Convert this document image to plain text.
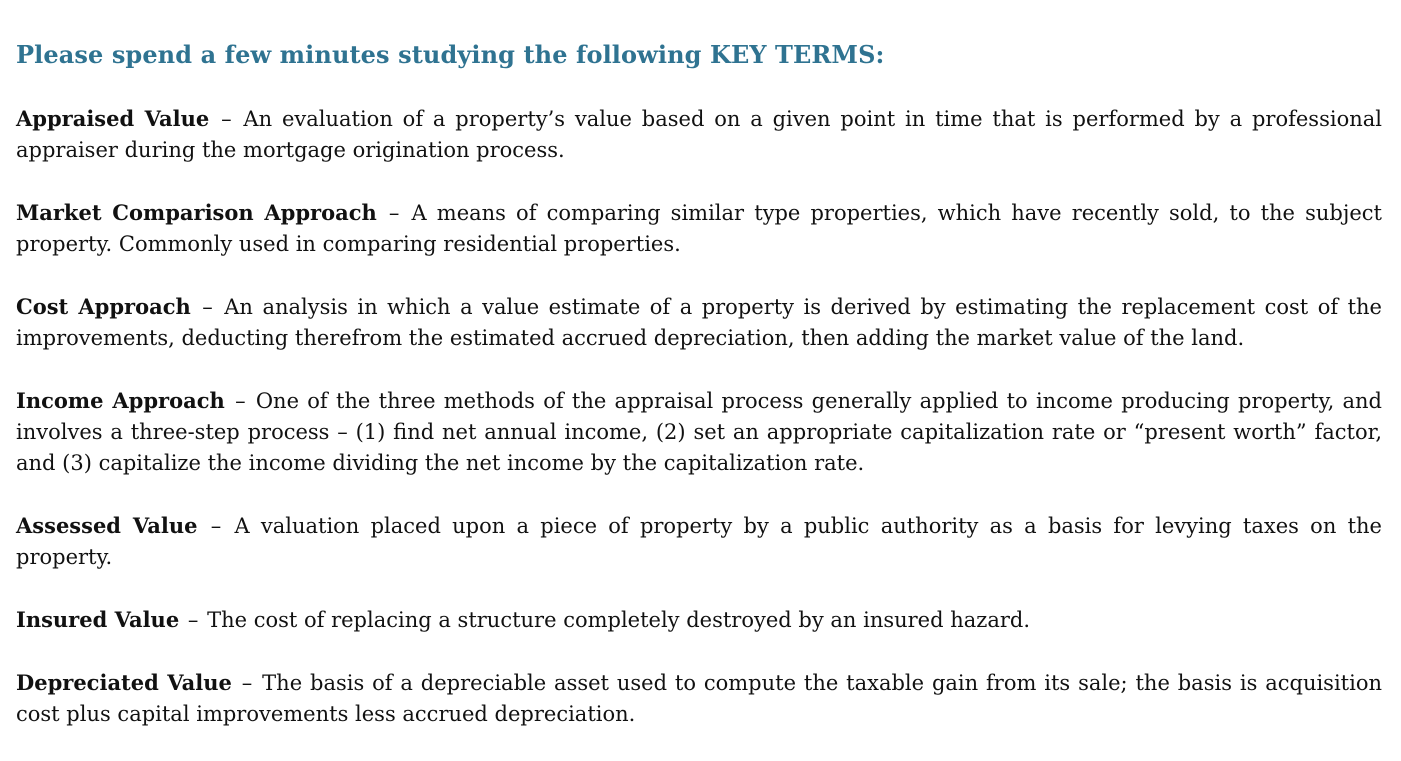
Please spend a few minutes studying the following KEY TERMS:

Appraised Value – An evaluation of a property’s value based on a given point in time that is performed by a professional appraiser during the mortgage origination process.

Market Comparison Approach – A means of comparing similar type properties, which have recently sold, to the subject property. Commonly used in comparing residential properties.

Cost Approach – An analysis in which a value estimate of a property is derived by estimating the replacement cost of the improvements, deducting therefrom the estimated accrued depreciation, then adding the market value of the land.

Income Approach – One of the three methods of the appraisal process generally applied to income producing property, and involves a three-step process – (1) find net annual income, (2) set an appropriate capitalization rate or “present worth” factor, and (3) capitalize the income dividing the net income by the capitalization rate.

Assessed Value – A valuation placed upon a piece of property by a public authority as a basis for levying taxes on the property.

Insured Value – The cost of replacing a structure completely destroyed by an insured hazard.

Depreciated Value – The basis of a depreciable asset used to compute the taxable gain from its sale; the basis is acquisition cost plus capital improvements less accrued depreciation.
